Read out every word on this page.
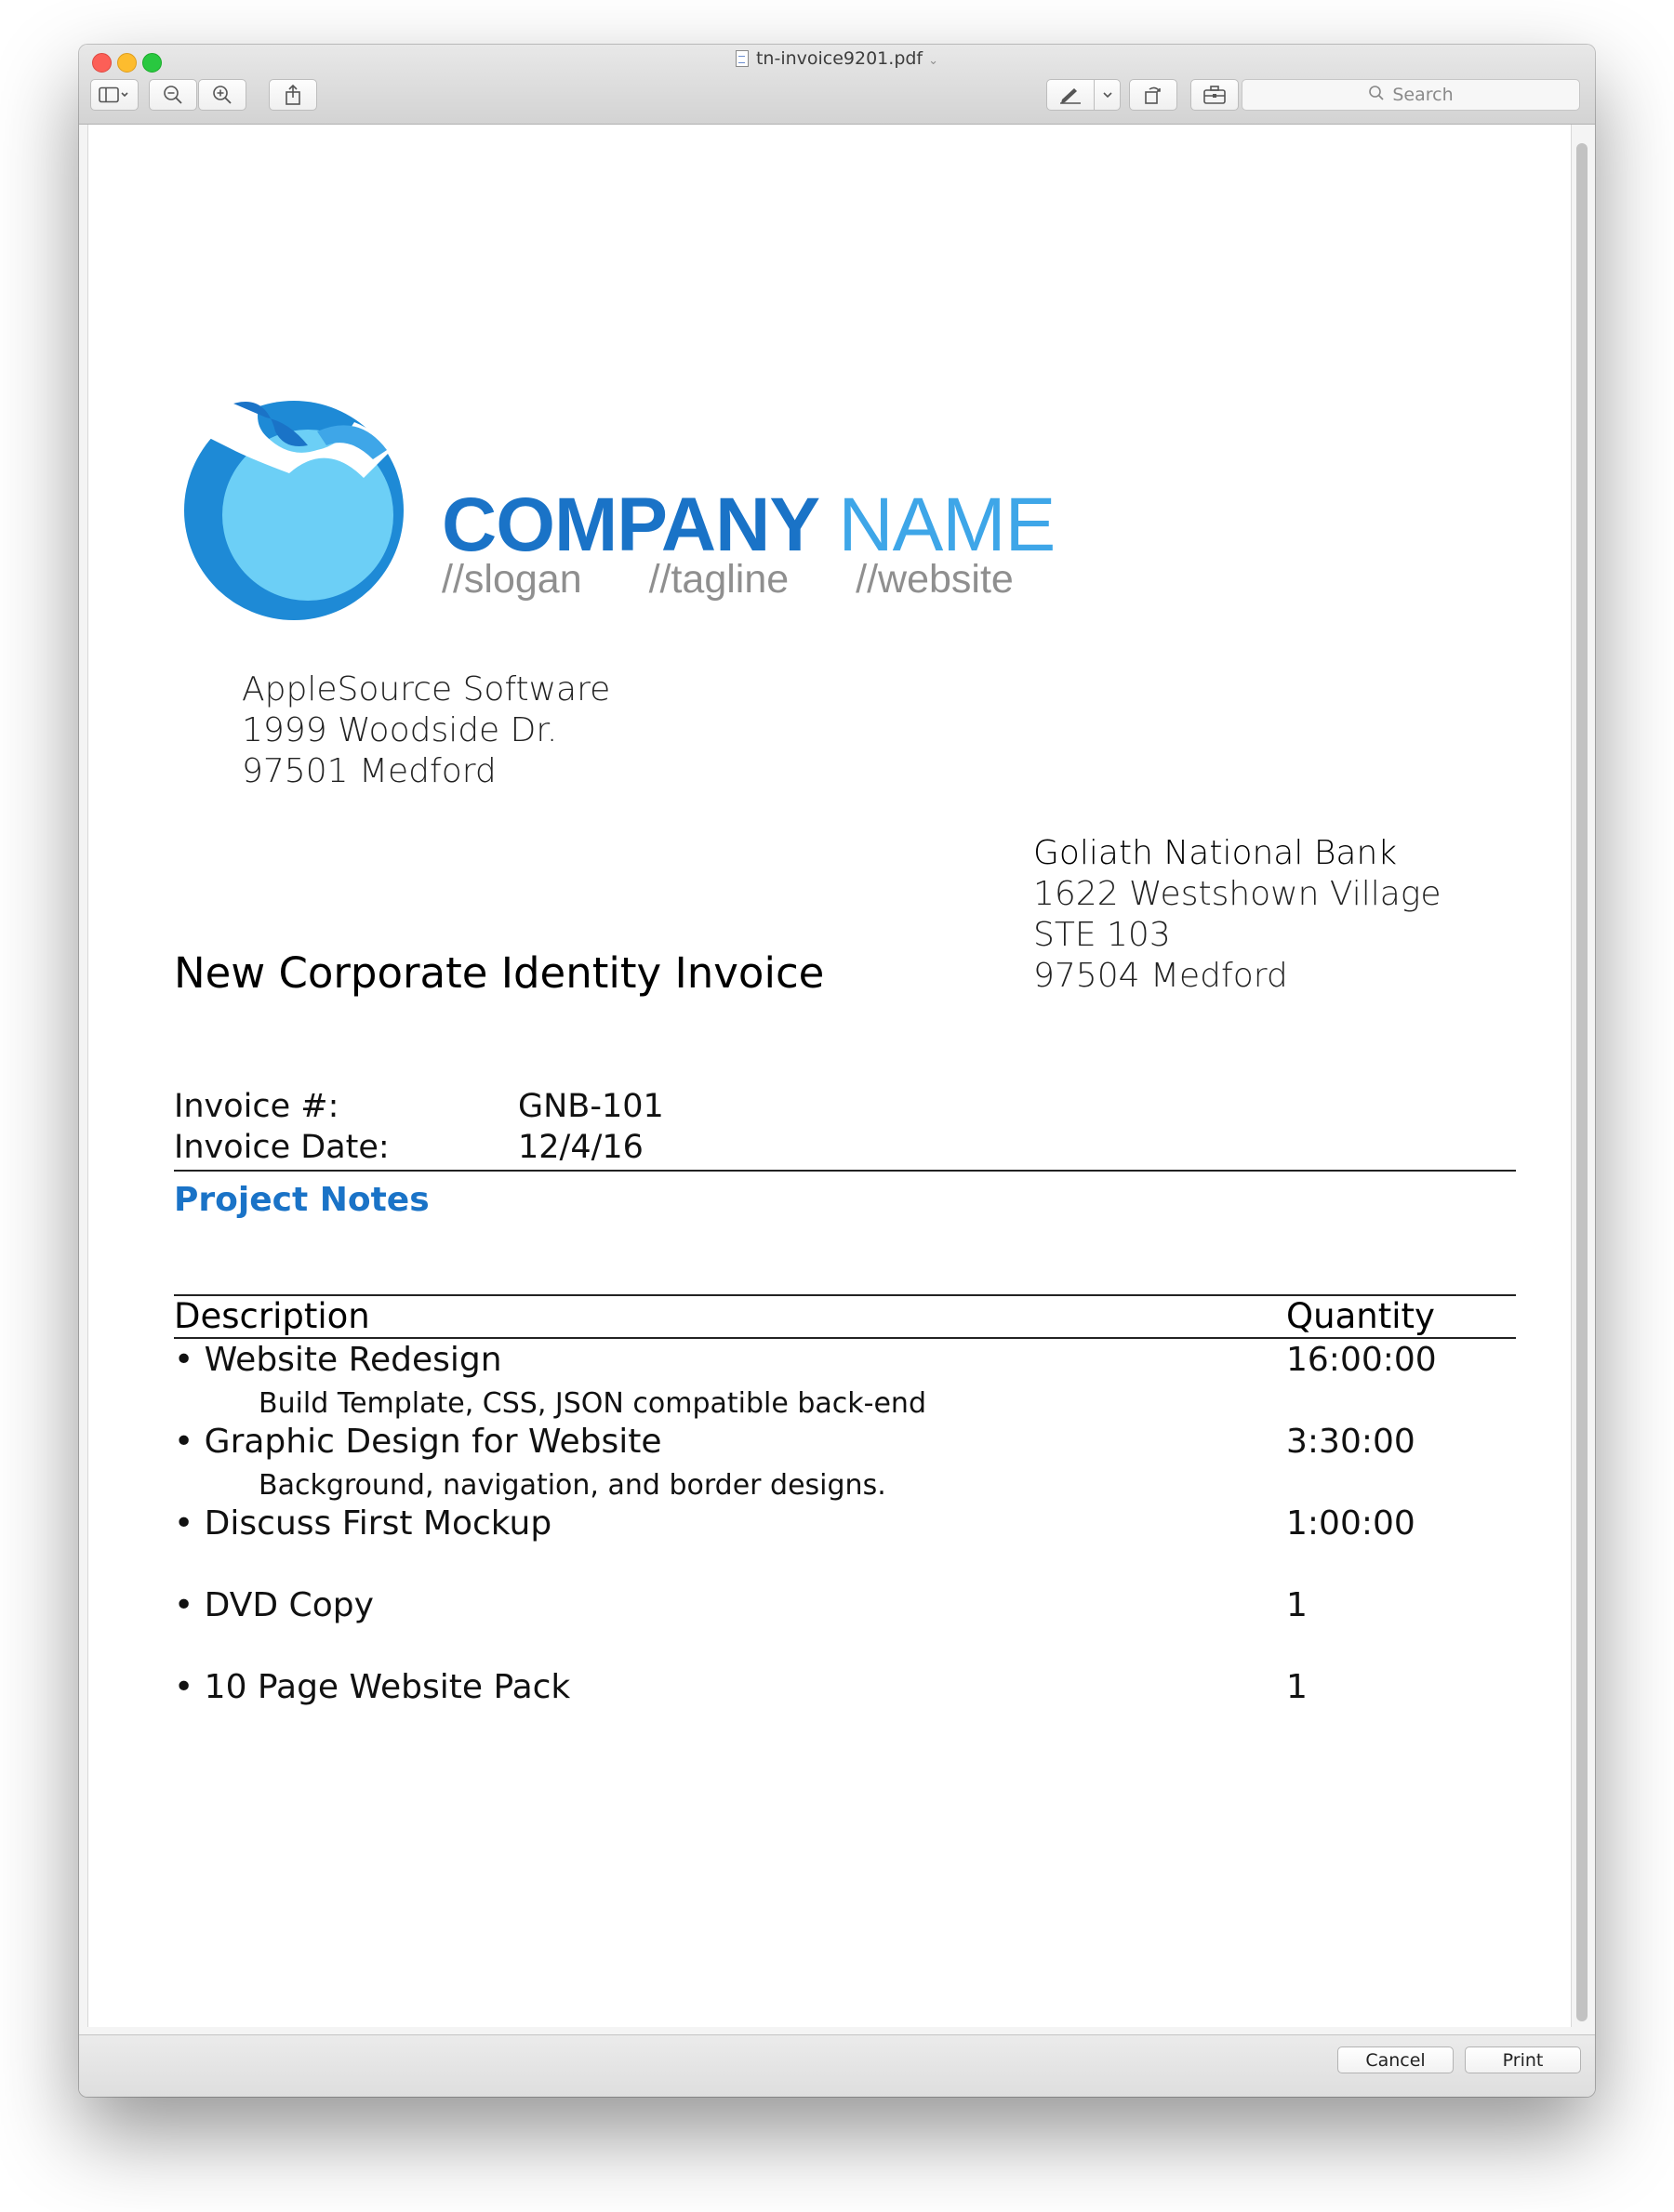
tn-invoice9201.pdf ⌄
Search
COMPANY NAME
//slogan //tagline //website
AppleSource Software
1999 Woodside Dr.
97501 Medford
Goliath National Bank
1622 Westshown Village
STE 103
97504 Medford
New Corporate Identity Invoice
Invoice #:	GNB-101
Invoice Date:	12/4/16
Project Notes
Description	Quantity
• Website Redesign	16:00:00
Build Template, CSS, JSON compatible back-end
• Graphic Design for Website	3:30:00
Background, navigation, and border designs.
• Discuss First Mockup	1:00:00
• DVD Copy	1
• 10 Page Website Pack	1
Cancel	Print
